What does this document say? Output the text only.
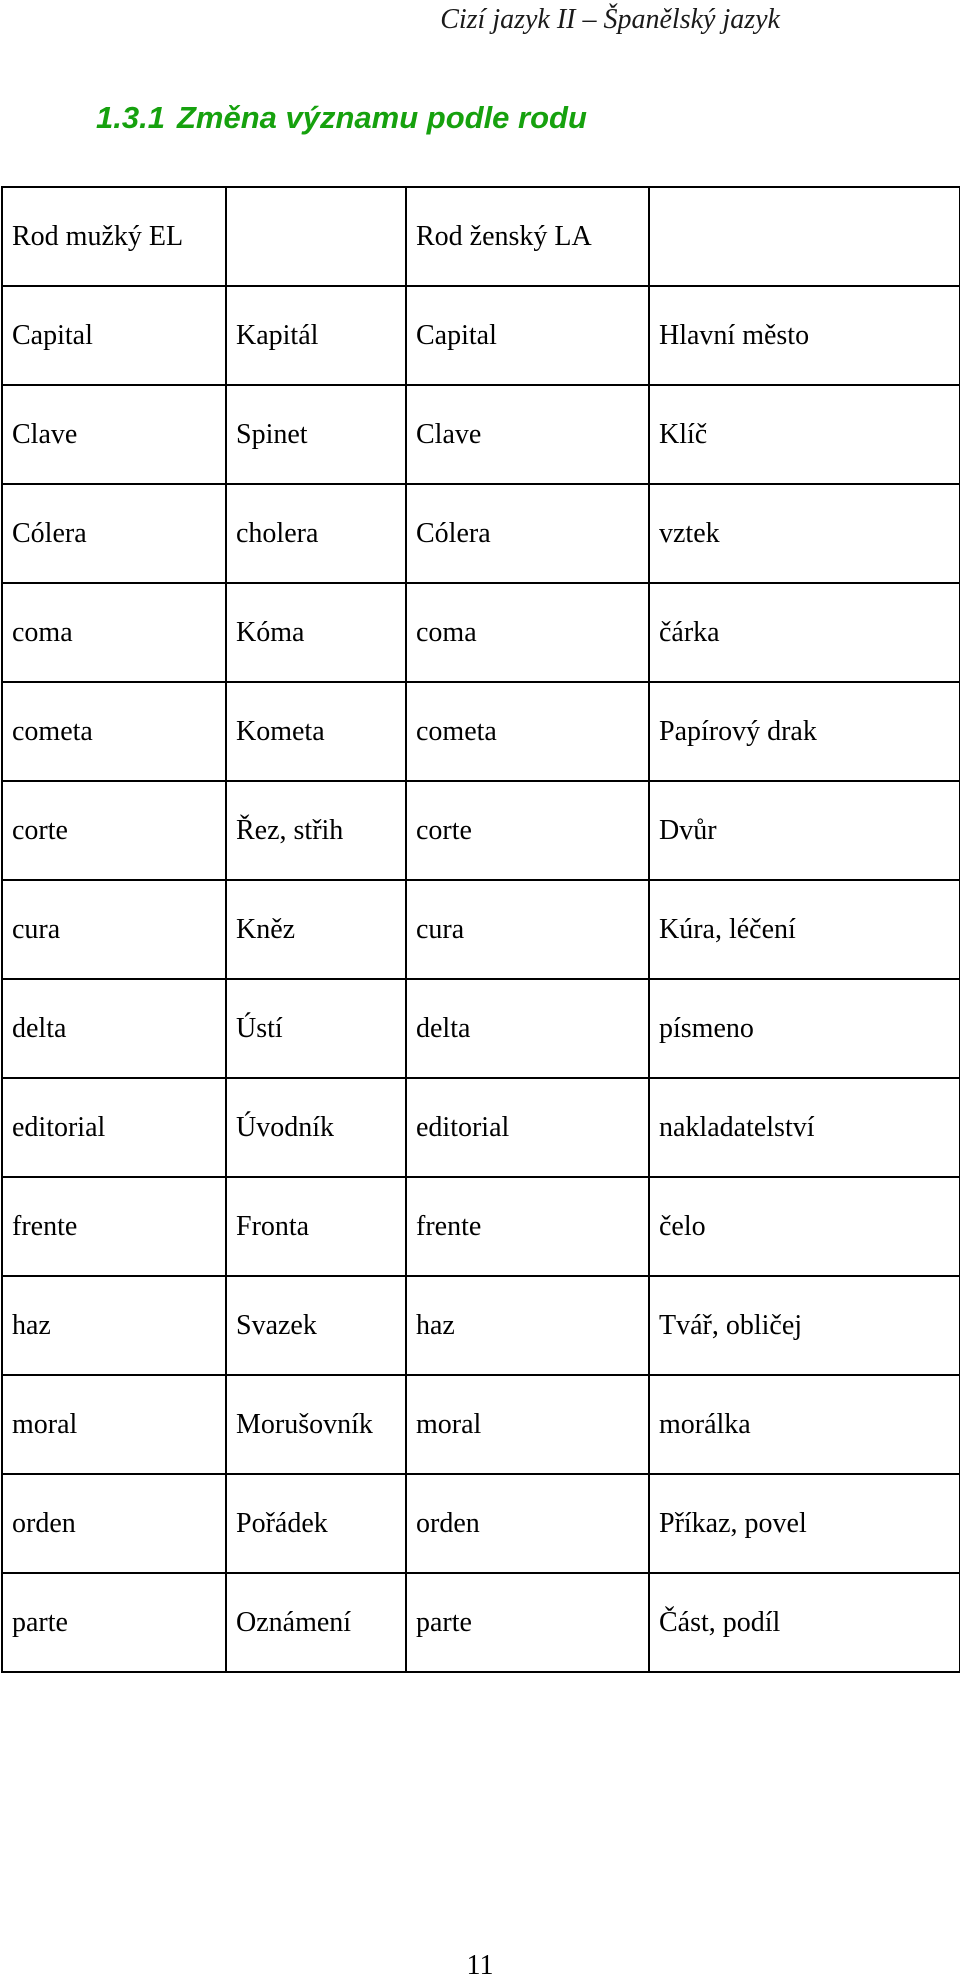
Cizí jazyk II – Španělský jazyk
1.3.1 Změna významu podle rodu
Rod mužký EL		Rod ženský LA	
Capital	Kapitál	Capital	Hlavní město
Clave	Spinet	Clave	Klíč
Cólera	cholera	Cólera	vztek
coma	Kóma	coma	čárka
cometa	Kometa	cometa	Papírový drak
corte	Řez, střih	corte	Dvůr
cura	Kněz	cura	Kúra, léčení
delta	Ústí	delta	písmeno
editorial	Úvodník	editorial	nakladatelství
frente	Fronta	frente	čelo
haz	Svazek	haz	Tvář, obličej
moral	Morušovník	moral	morálka
orden	Pořádek	orden	Příkaz, povel
parte	Oznámení	parte	Část, podíl
11
